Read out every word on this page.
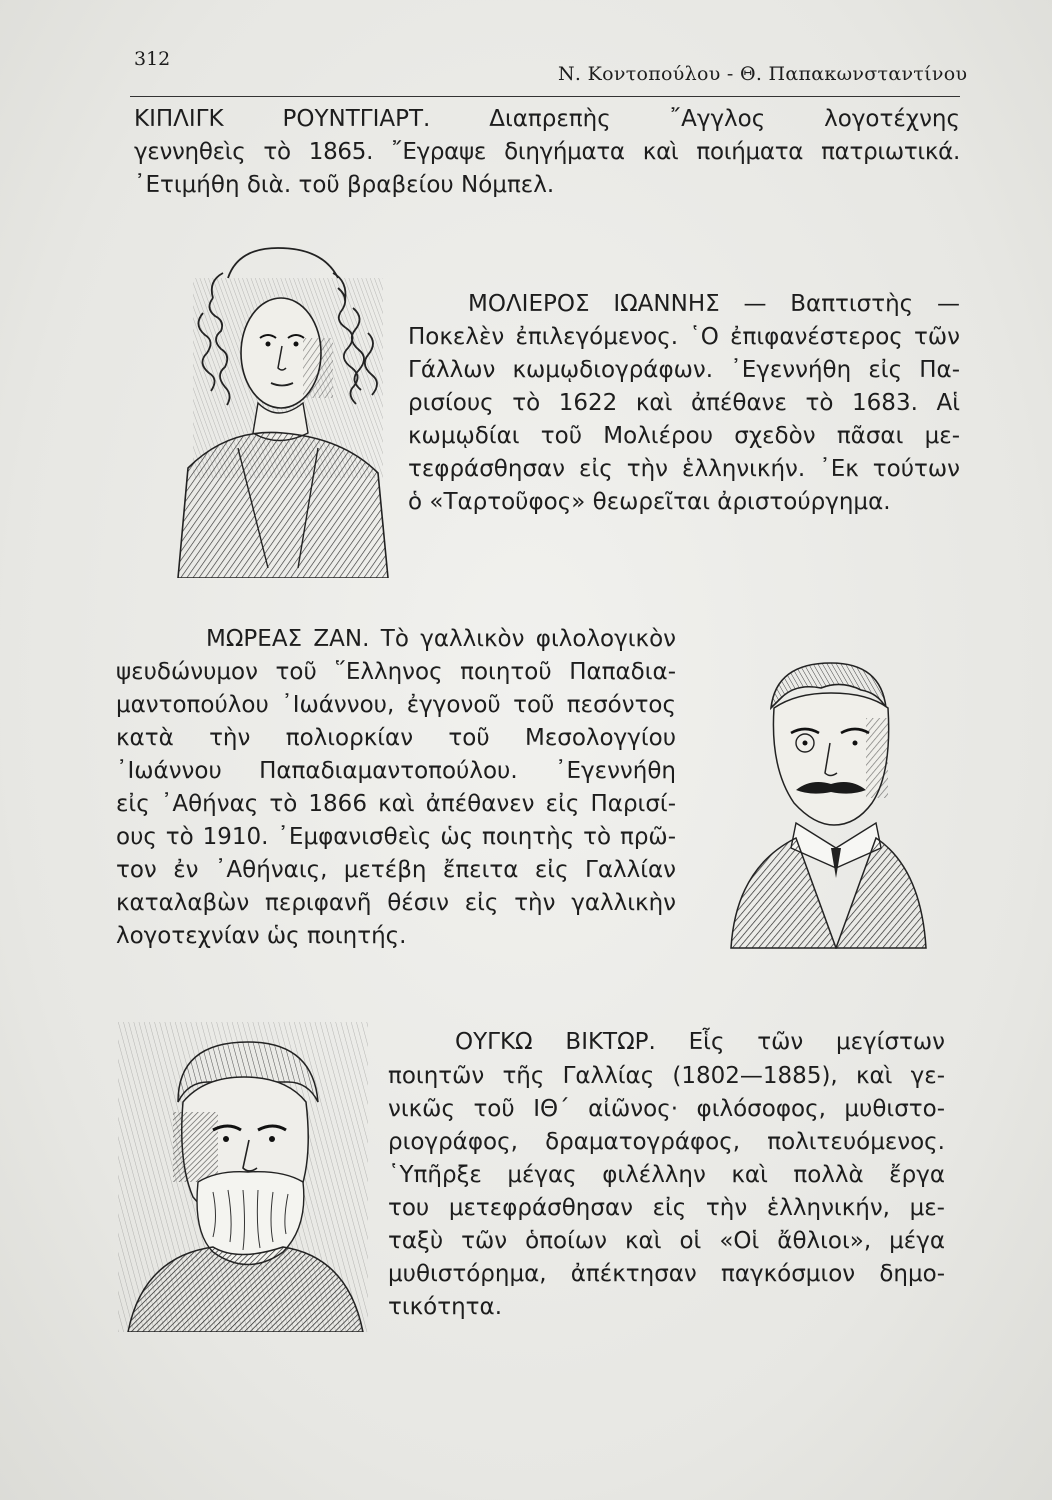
312
Ν. Κοντοπούλου - Θ. Παπακωνσταντίνου
ΚΙΠΛΙΓΚ ΡΟΥΝΤΓΙΑΡΤ. Διαπρεπὴς ῎Αγγλος λογοτέχνης
γεννηθεὶς τὸ 1865. ῎Εγραψε διηγήματα καὶ ποιήματα πατριωτικά.
᾿Ετιμήθη διὰ. τοῦ βραβείου Νόμπελ.
ΜΟΛΙΕΡΟΣ ΙΩΑΝΝΗΣ — Βαπτιστὴς —
Ποκελὲν ἐπιλεγόμενος. ῾Ο ἐπιφανέστερος τῶν
Γάλλων κωμῳδιογράφων. ᾿Εγεννήθη εἰς Πα-
ρισίους τὸ 1622 καὶ ἀπέθανε τὸ 1683. Αἱ
κωμῳδίαι τοῦ Μολιέρου σχεδὸν πᾶσαι με-
τεφράσθησαν εἰς τὴν ἑλληνικήν. ᾿Εκ τούτων
ὁ «Ταρτοῦφος» θεωρεῖται ἀριστούργημα.
ΜΩΡΕΑΣ ΖΑΝ. Τὸ γαλλικὸν φιλολογικὸν
ψευδώνυμον τοῦ ῞Ελληνος ποιητοῦ Παπαδια-
μαντοπούλου ᾿Ιωάννου, ἐγγονοῦ τοῦ πεσόντος
κατὰ τὴν πολιορκίαν τοῦ Μεσολογγίου
᾿Ιωάννου Παπαδιαμαντοπούλου. ᾿Εγεννήθη
εἰς ᾿Αθήνας τὸ 1866 καὶ ἀπέθανεν εἰς Παρισί-
ους τὸ 1910. ᾿Εμφανισθεὶς ὡς ποιητὴς τὸ πρῶ-
τον ἐν ᾿Αθήναις, μετέβη ἔπειτα εἰς Γαλλίαν
καταλαβὼν περιφανῆ θέσιν εἰς τὴν γαλλικὴν
λογοτεχνίαν ὡς ποιητής.
ΟΥΓΚΩ ΒΙΚΤΩΡ. Εἷς τῶν μεγίστων
ποιητῶν τῆς Γαλλίας (1802—1885), καὶ γε-
νικῶς τοῦ ΙΘ΄ αἰῶνος· φιλόσοφος, μυθιστο-
ριογράφος, δραματογράφος, πολιτευόμενος.
῾Υπῆρξε μέγας φιλέλλην καὶ πολλὰ ἔργα
του μετεφράσθησαν εἰς τὴν ἑλληνικήν, με-
ταξὺ τῶν ὁποίων καὶ οἱ «Οἱ ἄθλιοι», μέγα
μυθιστόρημα, ἀπέκτησαν παγκόσμιον δημο-
τικότητα.
